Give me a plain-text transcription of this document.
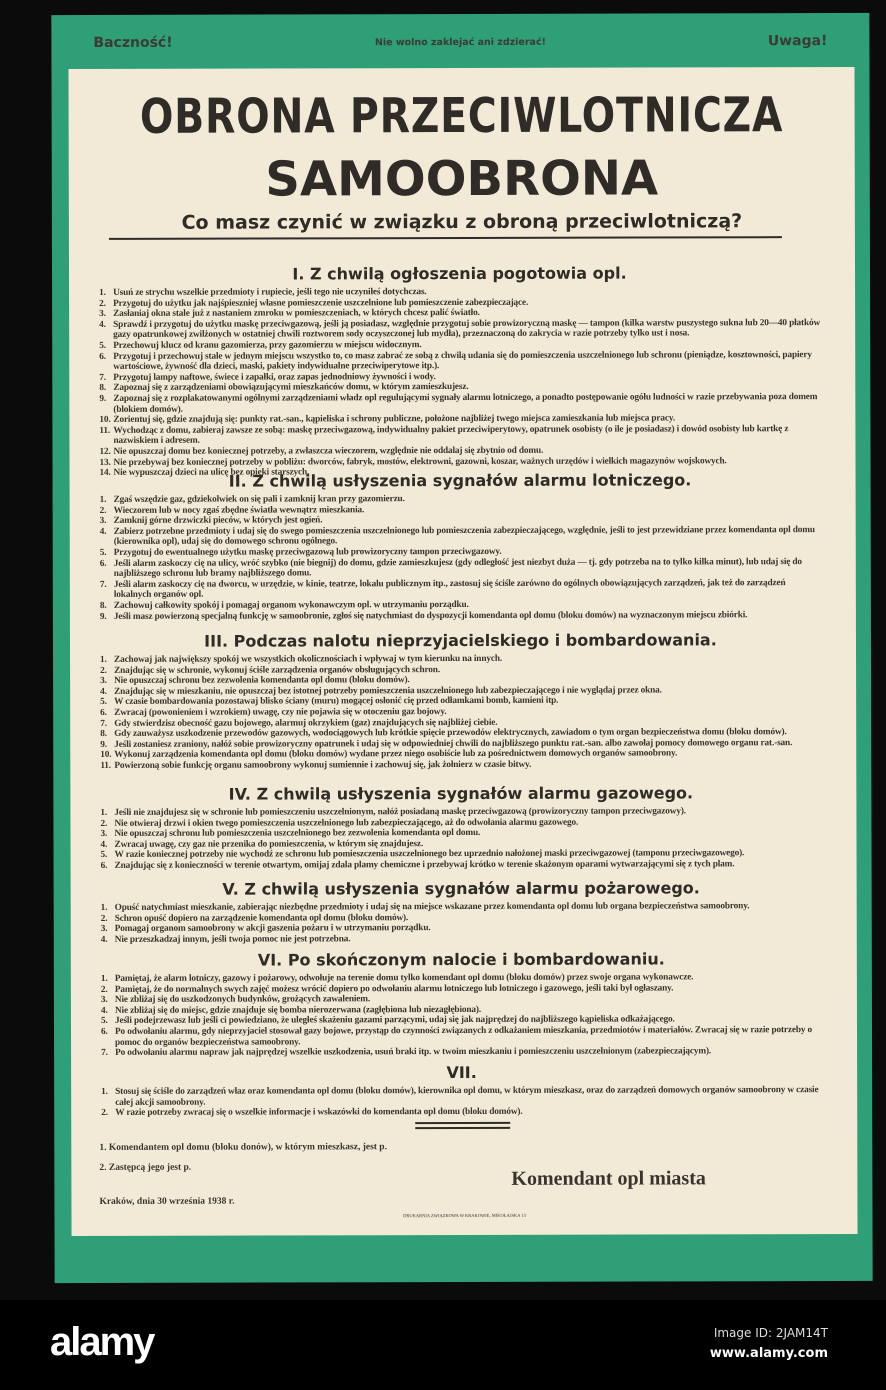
Baczność!	Nie wolno zaklejać ani zdzierać!	Uwaga!
OBRONA PRZECIWLOTNICZA
SAMOOBRONA
Co masz czynić w związku z obroną przeciwlotniczą?
I. Z chwilą ogłoszenia pogotowia opl.
1. Usuń ze strychu wszelkie przedmioty i rupiecie, jeśli tego nie uczyniłeś dotychczas.
2. Przygotuj do użytku jak najśpieszniej własne pomieszczenie uszczelnione lub pomieszczenie zabezpieczające.
3. Zasłaniaj okna stale już z nastaniem zmroku w pomieszczeniach, w których chcesz palić światło.
4. Sprawdź i przygotuj do użytku maskę przeciwgazową, jeśli ją posiadasz, względnie przygotuj sobie prowizoryczną maskę — tampon (kilka warstw puszystego sukna lub 20—40 płatków gazy opatrunkowej zwilżonych w ostatniej chwili roztworem sody oczyszczonej lub mydła), przeznaczoną do zakrycia w razie potrzeby tylko ust i nosa.
5. Przechowuj klucz od kranu gazomierza, przy gazomierzu w miejscu widocznym.
6. Przygotuj i przechowuj stale w jednym miejscu wszystko to, co masz zabrać ze sobą z chwilą udania się do pomieszczenia uszczelnionego lub schronu (pieniądze, kosztowności, papiery wartościowe, żywność dla dzieci, maski, pakiety indywidualne przeciwiperytowe itp.).
7. Przygotuj lampy naftowe, świece i zapałki, oraz zapas jednodniowy żywności i wody.
8. Zapoznaj się z zarządzeniami obowiązującymi mieszkańców domu, w którym zamieszkujesz.
9. Zapoznaj się z rozplakatowanymi ogólnymi zarządzeniami władz opl regulującymi sygnały alarmu lotniczego, a ponadto postępowanie ogółu ludności w razie przebywania poza domem (blokiem domów).
10. Zorientuj się, gdzie znajdują się: punkty rat.-san., kąpieliska i schrony publiczne, położone najbliżej twego miejsca zamieszkania lub miejsca pracy.
11. Wychodząc z domu, zabieraj zawsze ze sobą: maskę przeciwgazową, indywidualny pakiet przeciwiperytowy, opatrunek osobisty (o ile je posiadasz) i dowód osobisty lub kartkę z nazwiskiem i adresem.
12. Nie opuszczaj domu bez koniecznej potrzeby, a zwłaszcza wieczorem, względnie nie oddalaj się zbytnio od domu.
13. Nie przebywaj bez koniecznej potrzeby w pobliżu: dworców, fabryk, mostów, elektrowni, gazowni, koszar, ważnych urzędów i wielkich magazynów wojskowych.
14. Nie wypuszczaj dzieci na ulicę bez opieki starszych.
II. Z chwilą usłyszenia sygnałów alarmu lotniczego.
1. Zgaś wszędzie gaz, gdziekolwiek on się pali i zamknij kran przy gazomierzu.
2. Wieczorem lub w nocy zgaś zbędne światła wewnątrz mieszkania.
3. Zamknij górne drzwiczki pieców, w których jest ogień.
4. Zabierz potrzebne przedmioty i udaj się do swego pomieszczenia uszczelnionego lub pomieszczenia zabezpieczającego, względnie, jeśli to jest przewidziane przez komendanta opl domu (kierownika opl), udaj się do domowego schronu ogólnego.
5. Przygotuj do ewentualnego użytku maskę przeciwgazową lub prowizoryczny tampon przeciwgazowy.
6. Jeśli alarm zaskoczy cię na ulicy, wróć szybko (nie biegnij) do domu, gdzie zamieszkujesz (gdy odległość jest niezbyt duża — tj. gdy potrzeba na to tylko kilka minut), lub udaj się do najbliższego schronu lub bramy najbliższego domu.
7. Jeśli alarm zaskoczy cię na dworcu, w urzędzie, w kinie, teatrze, lokalu publicznym itp., zastosuj się ściśle zarówno do ogólnych obowiązujących zarządzeń, jak też do zarządzeń lokalnych organów opl.
8. Zachowuj całkowity spokój i pomagaj organom wykonawczym opl. w utrzymaniu porządku.
9. Jeśli masz powierzoną specjalną funkcję w samoobronie, zgłoś się natychmiast do dyspozycji komendanta opl domu (bloku domów) na wyznaczonym miejscu zbiórki.
III. Podczas nalotu nieprzyjacielskiego i bombardowania.
1. Zachowaj jak największy spokój we wszystkich okolicznościach i wpływaj w tym kierunku na innych.
2. Znajdując się w schronie, wykonuj ściśle zarządzenia organów obsługujących schron.
3. Nie opuszczaj schronu bez zezwolenia komendanta opl domu (bloku domów).
4. Znajdując się w mieszkaniu, nie opuszczaj bez istotnej potrzeby pomieszczenia uszczelnionego lub zabezpieczającego i nie wyglądaj przez okna.
5. W czasie bombardowania pozostawaj blisko ściany (muru) mogącej osłonić cię przed odłamkami bomb, kamieni itp.
6. Zwracaj (powonieniem i wzrokiem) uwagę, czy nie pojawia się w otoczeniu gaz bojowy.
7. Gdy stwierdzisz obecność gazu bojowego, alarmuj okrzykiem (gaz) znajdujących się najbliżej ciebie.
8. Gdy zauważysz uszkodzenie przewodów gazowych, wodociągowych lub krótkie spięcie przewodów elektrycznych, zawiadom o tym organ bezpieczeństwa domu (bloku domów).
9. Jeśli zostaniesz zraniony, nałóż sobie prowizoryczny opatrunek i udaj się w odpowiedniej chwili do najbliższego punktu rat.-san. albo zawołaj pomocy domowego organu rat.-san.
10. Wykonuj zarządzenia komendanta opl domu (bloku domów) wydane przez niego osobiście lub za pośrednictwem domowych organów samoobrony.
11. Powierzoną sobie funkcję organu samoobrony wykonuj sumiennie i zachowuj się, jak żołnierz w czasie bitwy.
IV. Z chwilą usłyszenia sygnałów alarmu gazowego.
1. Jeśli nie znajdujesz się w schronie lub pomieszczeniu uszczelnionym, nałóż posiadaną maskę przeciwgazową (prowizoryczny tampon przeciwgazowy).
2. Nie otwieraj drzwi i okien twego pomieszczenia uszczelnionego lub zabezpieczającego, aż do odwołania alarmu gazowego.
3. Nie opuszczaj schronu lub pomieszczenia uszczelnionego bez zezwolenia komendanta opl domu.
4. Zwracaj uwagę, czy gaz nie przenika do pomieszczenia, w którym się znajdujesz.
5. W razie koniecznej potrzeby nie wychodź ze schronu lub pomieszczenia uszczelnionego bez uprzednio nałożonej maski przeciwgazowej (tamponu przeciwgazowego).
6. Znajdując się z konieczności w terenie otwartym, omijaj zdala plamy chemiczne i przebywaj krótko w terenie skażonym oparami wytwarzającymi się z tych plam.
V. Z chwilą usłyszenia sygnałów alarmu pożarowego.
1. Opuść natychmiast mieszkanie, zabierając niezbędne przedmioty i udaj się na miejsce wskazane przez komendanta opl domu lub organa bezpieczeństwa samoobrony.
2. Schron opuść dopiero na zarządzenie komendanta opl domu (bloku domów).
3. Pomagaj organom samoobrony w akcji gaszenia pożaru i w utrzymaniu porządku.
4. Nie przeszkadzaj innym, jeśli twoja pomoc nie jest potrzebna.
VI. Po skończonym nalocie i bombardowaniu.
1. Pamiętaj, że alarm lotniczy, gazowy i pożarowy, odwołuje na terenie domu tylko komendant opl domu (bloku domów) przez swoje organa wykonawcze.
2. Pamiętaj, że do normalnych swych zajęć możesz wrócić dopiero po odwołaniu alarmu lotniczego lub lotniczego i gazowego, jeśli taki był ogłaszany.
3. Nie zbliżaj się do uszkodzonych budynków, grożących zawaleniem.
4. Nie zbliżaj się do miejsc, gdzie znajduje się bomba nierozerwana (zagłębiona lub niezagłębiona).
5. Jeśli podejrzewasz lub jeśli ci powiedziano, że uległeś skażeniu gazami parzącymi, udaj się jak najprędzej do najbliższego kąpieliska odkażającego.
6. Po odwołaniu alarmu, gdy nieprzyjaciel stosował gazy bojowe, przystąp do czynności związanych z odkażaniem mieszkania, przedmiotów i materiałów. Zwracaj się w razie potrzeby o pomoc do organów bezpieczeństwa samoobrony.
7. Po odwołaniu alarmu napraw jak najprędzej wszelkie uszkodzenia, usuń braki itp. w twoim mieszkaniu i pomieszczeniu uszczelnionym (zabezpieczającym).
VII.
1. Stosuj się ściśle do zarządzeń właz oraz komendanta opl domu (bloku domów), kierownika opl domu, w którym mieszkasz, oraz do zarządzeń domowych organów samoobrony w czasie całej akcji samoobrony.
2. W razie potrzeby zwracaj się o wszelkie informacje i wskazówki do komendanta opl domu (bloku domów).
1. Komendantem opl domu (bloku donów), w którym mieszkasz, jest p.
2. Zastępcą jego jest p.	Komendant opl miasta
Kraków, dnia 30 września 1938 r.
DRUKARNIA ZWIĄZKOWA W KRAKOWIE, MIKOŁAJSKA 13
alamy	Image ID: 2JAM14T
www.alamy.com
